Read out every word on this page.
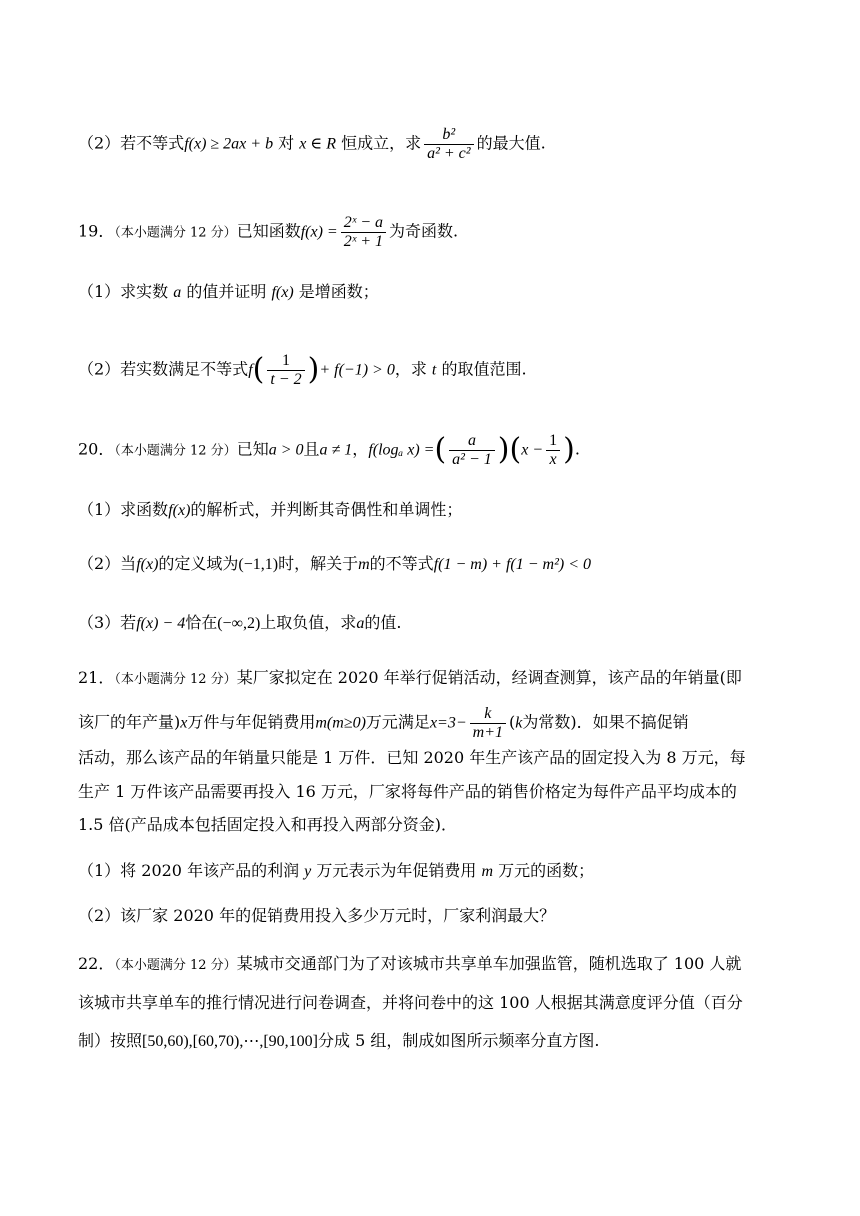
（2）若不等式f(x) ≥ 2ax + b 对 x ∈ R 恒成立，求 $\frac{\text{b²}}{\text{a² + c²}}$ 的最大值.
19．（本小题满分 12 分）已知函数$f(x) = \frac{\text{2ˣ − a}}{\text{2ˣ + 1}}$ 为奇函数.
（1）求实数 a 的值并证明 f(x) 是增函数；
（2）若实数满足不等式$f( \frac{1}{t - 2}$ )+ f(−1) > 0，求 t 的取值范围.
20．（本小题满分 12 分）已知a > 0且a ≠ 1，f(logₐ x) =( $\frac{a}{\text{a² − 1}} )(x - \frac{1}{x}$ ).
（1）求函数f(x)的解析式，并判断其奇偶性和单调性；
（2）当f(x)的定义域为(−1,1)时，解关于m的不等式f(1 − m) + f(1 − m²) < 0
（3）若f(x) − 4恰在(−∞,2)上取负值，求a的值.
21．（本小题满分 12 分）某厂家拟定在 2020 年举行促销活动，经调查测算，该产品的年销量(即
该厂的年产量)x万件与年促销费用m(m≥0)万元满足$x=3- \frac{k}{m+1} (k$为常数)．如果不搞促销
活动，那么该产品的年销量只能是 1 万件．已知 2020 年生产该产品的固定投入为 8 万元，每
生产 1 万件该产品需要再投入 16 万元，厂家将每件产品的销售价格定为每件产品平均成本的
1.5 倍(产品成本包括固定投入和再投入两部分资金)．
（1）将 2020 年该产品的利润 y 万元表示为年促销费用 m 万元的函数；
（2）该厂家 2020 年的促销费用投入多少万元时，厂家利润最大？
22．（本小题满分 12 分）某城市交通部门为了对该城市共享单车加强监管，随机选取了 100 人就
该城市共享单车的推行情况进行问卷调查，并将问卷中的这 100 人根据其满意度评分值（百分
制）按照[50,60),[60,70),⋯,[90,100]分成 5 组，制成如图所示频率分直方图.
